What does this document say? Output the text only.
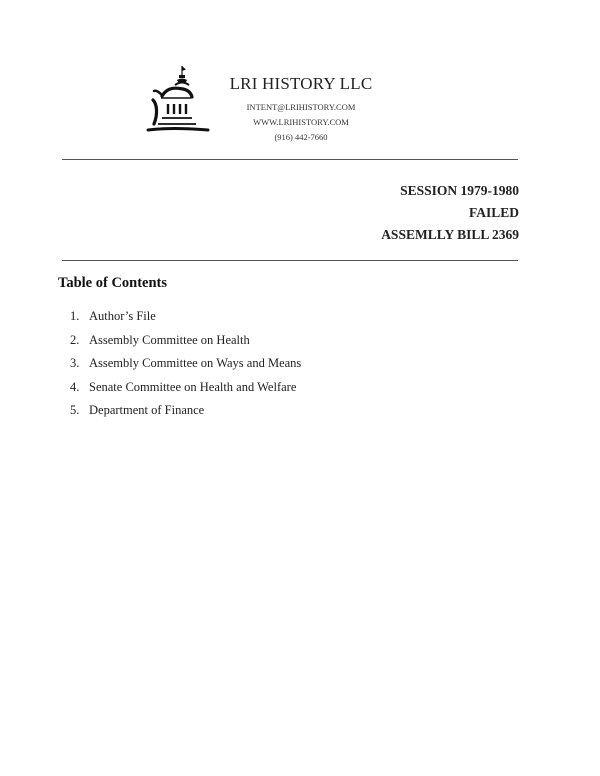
LRI HISTORY LLC
INTENT@LRIHISTORY.COM
WWW.LRIHISTORY.COM
(916) 442-7660
SESSION 1979-1980
FAILED
ASSEMLLY BILL 2369
Table of Contents
1. Author’s File
2. Assembly Committee on Health
3. Assembly Committee on Ways and Means
4. Senate Committee on Health and Welfare
5. Department of Finance
